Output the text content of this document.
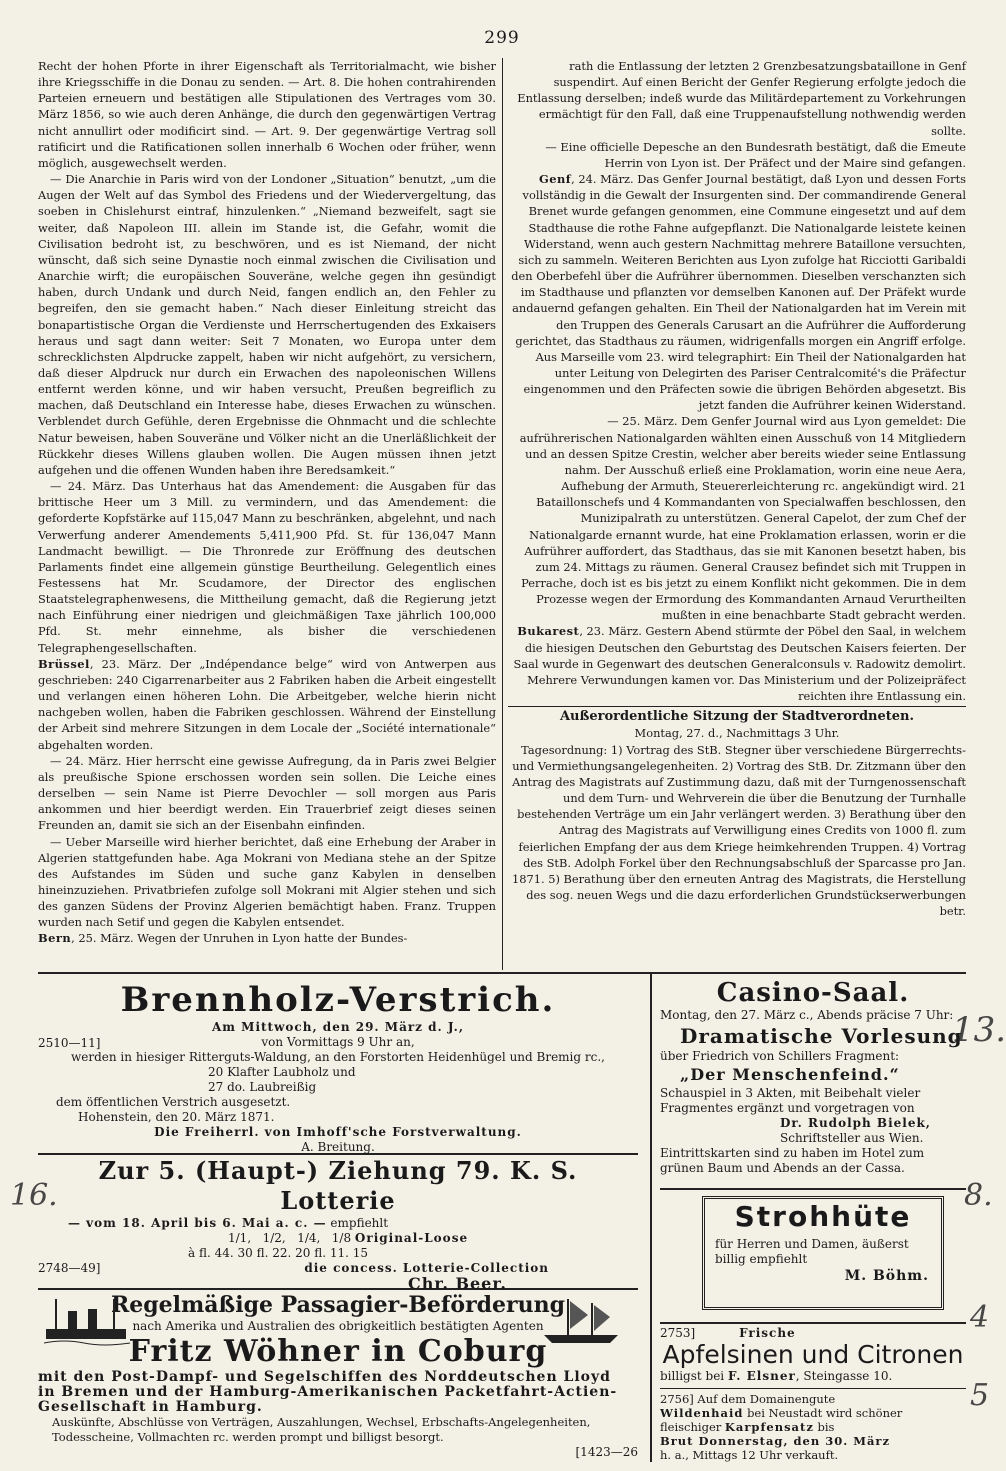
299

Recht der hohen Pforte in ihrer Eigenschaft als Territorialmacht, wie bisher ihre Kriegsschiffe in die Donau zu senden. — Art. 8. Die hohen contrahirenden Parteien erneuern und bestätigen alle Stipulationen des Vertrages vom 30. März 1856, so wie auch deren Anhänge, die durch den gegenwärtigen Vertrag nicht annullirt oder modificirt sind. — Art. 9. Der gegenwärtige Vertrag soll ratificirt und die Ratificationen sollen innerhalb 6 Wochen oder früher, wenn möglich, ausgewechselt werden.

— Die Anarchie in Paris wird von der Londoner „Situation“ benutzt, „um die Augen der Welt auf das Symbol des Friedens und der Wiedervergeltung, das soeben in Chislehurst eintraf, hinzulenken.“ „Niemand bezweifelt, sagt sie weiter, daß Napoleon III. allein im Stande ist, die Gefahr, womit die Civilisation bedroht ist, zu beschwören, und es ist Niemand, der nicht wünscht, daß sich seine Dynastie noch einmal zwischen die Civilisation und Anarchie wirft; die europäischen Souveräne, welche gegen ihn gesündigt haben, durch Undank und durch Neid, fangen endlich an, den Fehler zu begreifen, den sie gemacht haben.“ Nach dieser Einleitung streicht das bonapartistische Organ die Verdienste und Herrschertugenden des Exkaisers heraus und sagt dann weiter: Seit 7 Monaten, wo Europa unter dem schrecklichsten Alpdrucke zappelt, haben wir nicht aufgehört, zu versichern, daß dieser Alpdruck nur durch ein Erwachen des napoleonischen Willens entfernt werden könne, und wir haben versucht, Preußen begreiflich zu machen, daß Deutschland ein Interesse habe, dieses Erwachen zu wünschen. Verblendet durch Gefühle, deren Ergebnisse die Ohnmacht und die schlechte Natur beweisen, haben Souveräne und Völker nicht an die Unerläßlichkeit der Rückkehr dieses Willens glauben wollen. Die Augen müssen ihnen jetzt aufgehen und die offenen Wunden haben ihre Beredsamkeit.“

— 24. März. Das Unterhaus hat das Amendement: die Ausgaben für das brittische Heer um 3 Mill. zu vermindern, und das Amendement: die geforderte Kopfstärke auf 115,047 Mann zu beschränken, abgelehnt, und nach Verwerfung anderer Amendements 5,411,900 Pfd. St. für 136,047 Mann Landmacht bewilligt. — Die Thronrede zur Eröffnung des deutschen Parlaments findet eine allgemein günstige Beurtheilung. Gelegentlich eines Festessens hat Mr. Scudamore, der Director des englischen Staatstelegraphenwesens, die Mittheilung gemacht, daß die Regierung jetzt nach Einführung einer niedrigen und gleichmäßigen Taxe jährlich 100,000 Pfd. St. mehr einnehme, als bisher die verschiedenen Telegraphengesellschaften.

Brüssel, 23. März. Der „Indépendance belge“ wird von Antwerpen aus geschrieben: 240 Cigarrenarbeiter aus 2 Fabriken haben die Arbeit eingestellt und verlangen einen höheren Lohn. Die Arbeitgeber, welche hierin nicht nachgeben wollen, haben die Fabriken geschlossen. Während der Einstellung der Arbeit sind mehrere Sitzungen in dem Locale der „Société internationale“ abgehalten worden.

— 24. März. Hier herrscht eine gewisse Aufregung, da in Paris zwei Belgier als preußische Spione erschossen worden sein sollen. Die Leiche eines derselben — sein Name ist Pierre Devochler — soll morgen aus Paris ankommen und hier beerdigt werden. Ein Trauerbrief zeigt dieses seinen Freunden an, damit sie sich an der Eisenbahn einfinden.

— Ueber Marseille wird hierher berichtet, daß eine Erhebung der Araber in Algerien stattgefunden habe. Aga Mokrani von Mediana stehe an der Spitze des Aufstandes im Süden und suche ganz Kabylen in denselben hineinzuziehen. Privatbriefen zufolge soll Mokrani mit Algier stehen und sich des ganzen Südens der Provinz Algerien bemächtigt haben. Franz. Truppen wurden nach Setif und gegen die Kabylen entsendet.

Bern, 25. März. Wegen der Unruhen in Lyon hatte der Bundes-

rath die Entlassung der letzten 2 Grenzbesatzungsbataillone in Genf suspendirt. Auf einen Bericht der Genfer Regierung erfolgte jedoch die Entlassung derselben; indeß wurde das Militärdepartement zu Vorkehrungen ermächtigt für den Fall, daß eine Truppenaufstellung nothwendig werden sollte.

— Eine officielle Depesche an den Bundesrath bestätigt, daß die Emeute Herrin von Lyon ist. Der Präfect und der Maire sind gefangen.

Genf, 24. März. Das Genfer Journal bestätigt, daß Lyon und dessen Forts vollständig in die Gewalt der Insurgenten sind. Der commandirende General Brenet wurde gefangen genommen, eine Commune eingesetzt und auf dem Stadthause die rothe Fahne aufgepflanzt. Die Nationalgarde leistete keinen Widerstand, wenn auch gestern Nachmittag mehrere Bataillone versuchten, sich zu sammeln. Weiteren Berichten aus Lyon zufolge hat Ricciotti Garibaldi den Oberbefehl über die Aufrührer übernommen. Dieselben verschanzten sich im Stadthause und pflanzten vor demselben Kanonen auf. Der Präfekt wurde andauernd gefangen gehalten. Ein Theil der Nationalgarden hat im Verein mit den Truppen des Generals Carusart an die Aufrührer die Aufforderung gerichtet, das Stadthaus zu räumen, widrigenfalls morgen ein Angriff erfolge. Aus Marseille vom 23. wird telegraphirt: Ein Theil der Nationalgarden hat unter Leitung von Delegirten des Pariser Centralcomité's die Präfectur eingenommen und den Präfecten sowie die übrigen Behörden abgesetzt. Bis jetzt fanden die Aufrührer keinen Widerstand.

— 25. März. Dem Genfer Journal wird aus Lyon gemeldet: Die aufrührerischen Nationalgarden wählten einen Ausschuß von 14 Mitgliedern und an dessen Spitze Crestin, welcher aber bereits wieder seine Entlassung nahm. Der Ausschuß erließ eine Proklamation, worin eine neue Aera, Aufhebung der Armuth, Steuererleichterung rc. angekündigt wird. 21 Bataillonschefs und 4 Kommandanten von Specialwaffen beschlossen, den Munizipalrath zu unterstützen. General Capelot, der zum Chef der Nationalgarde ernannt wurde, hat eine Proklamation erlassen, worin er die Aufrührer auffordert, das Stadthaus, das sie mit Kanonen besetzt haben, bis zum 24. Mittags zu räumen. General Crausez befindet sich mit Truppen in Perrache, doch ist es bis jetzt zu einem Konflikt nicht gekommen. Die in dem Prozesse wegen der Ermordung des Kommandanten Arnaud Verurtheilten mußten in eine benachbarte Stadt gebracht werden.

Bukarest, 23. März. Gestern Abend stürmte der Pöbel den Saal, in welchem die hiesigen Deutschen den Geburtstag des Deutschen Kaisers feierten. Der Saal wurde in Gegenwart des deutschen Generalconsuls v. Radowitz demolirt. Mehrere Verwundungen kamen vor. Das Ministerium und der Polizeipräfect reichten ihre Entlassung ein.

Außerordentliche Sitzung der Stadtverordneten.
Montag, 27. d., Nachmittags 3 Uhr.

Tagesordnung: 1) Vortrag des StB. Stegner über verschiedene Bürgerrechts- und Vermiethungsangelegenheiten. 2) Vortrag des StB. Dr. Zitzmann über den Antrag des Magistrats auf Zustimmung dazu, daß mit der Turngenossenschaft und dem Turn- und Wehrverein die über die Benutzung der Turnhalle bestehenden Verträge um ein Jahr verlängert werden. 3) Berathung über den Antrag des Magistrats auf Verwilligung eines Credits von 1000 fl. zum feierlichen Empfang der aus dem Kriege heimkehrenden Truppen. 4) Vortrag des StB. Adolph Forkel über den Rechnungsabschluß der Sparcasse pro Jan. 1871. 5) Berathung über den erneuten Antrag des Magistrats, die Herstellung des sog. neuen Wegs und die dazu erforderlichen Grundstückserwerbungen betr.

Brennholz-Verstrich.
2510—11]
Am Mittwoch, den 29. März d. J.,
von Vormittags 9 Uhr an,
werden in hiesiger Ritterguts-Waldung, an den Forstorten Heidenhügel und Bremig rc.,
20 Klafter Laubholz und
27 do. Laubreißig
dem öffentlichen Verstrich ausgesetzt.
Hohenstein, den 20. März 1871.
Die Freiherrl. von Imhoff'sche Forstverwaltung.
A. Breitung.
Zur 5. (Haupt-) Ziehung 79. K. S. Lotterie
— vom 18. April bis 6. Mai a. c. — empfiehlt
1/1, 1/2, 1/4, 1/8 Original-Loose
à fl. 44. 30 fl. 22. 20 fl. 11. 15
2748—49]	die concess. Lotterie-Collection
Chr. Beer.
Regelmäßige Passagier-Beförderung
nach Amerika und Australien des obrigkeitlich bestätigten Agenten
Fritz Wöhner in Coburg
mit den Post-Dampf- und Segelschiffen des Norddeutschen Lloyd
in Bremen und der Hamburg-Amerikanischen Packetfahrt-Actien-Gesellschaft in Hamburg.
Auskünfte, Abschlüsse von Verträgen, Auszahlungen, Wechsel, Erbschafts-Angelegenheiten, Todesscheine, Vollmachten rc. werden prompt und billigst besorgt.
[1423—26
Casino-Saal.
Montag, den 27. März c., Abends präcise 7 Uhr:
Dramatische Vorlesung
über Friedrich von Schillers Fragment:
„Der Menschenfeind.“
Schauspiel in 3 Akten, mit Beibehalt vieler Fragmentes ergänzt und vorgetragen von
Dr. Rudolph Bielek,
Schriftsteller aus Wien.
Eintrittskarten sind zu haben im Hotel zum grünen Baum und Abends an der Cassa.
Strohhüte
für Herren und Damen, äußerst billig empfiehlt
M. Böhm.
2753]	Frische
Apfelsinen und Citronen
billigst bei F. Elsner, Steingasse 10.
2756] Auf dem Domainengute
Wildenhaid bei Neustadt wird schöner fleischiger Karpfensatz bis
Brut Donnerstag, den 30. März
h. a., Mittags 12 Uhr verkauft.
13.
16.	8.
4
5
